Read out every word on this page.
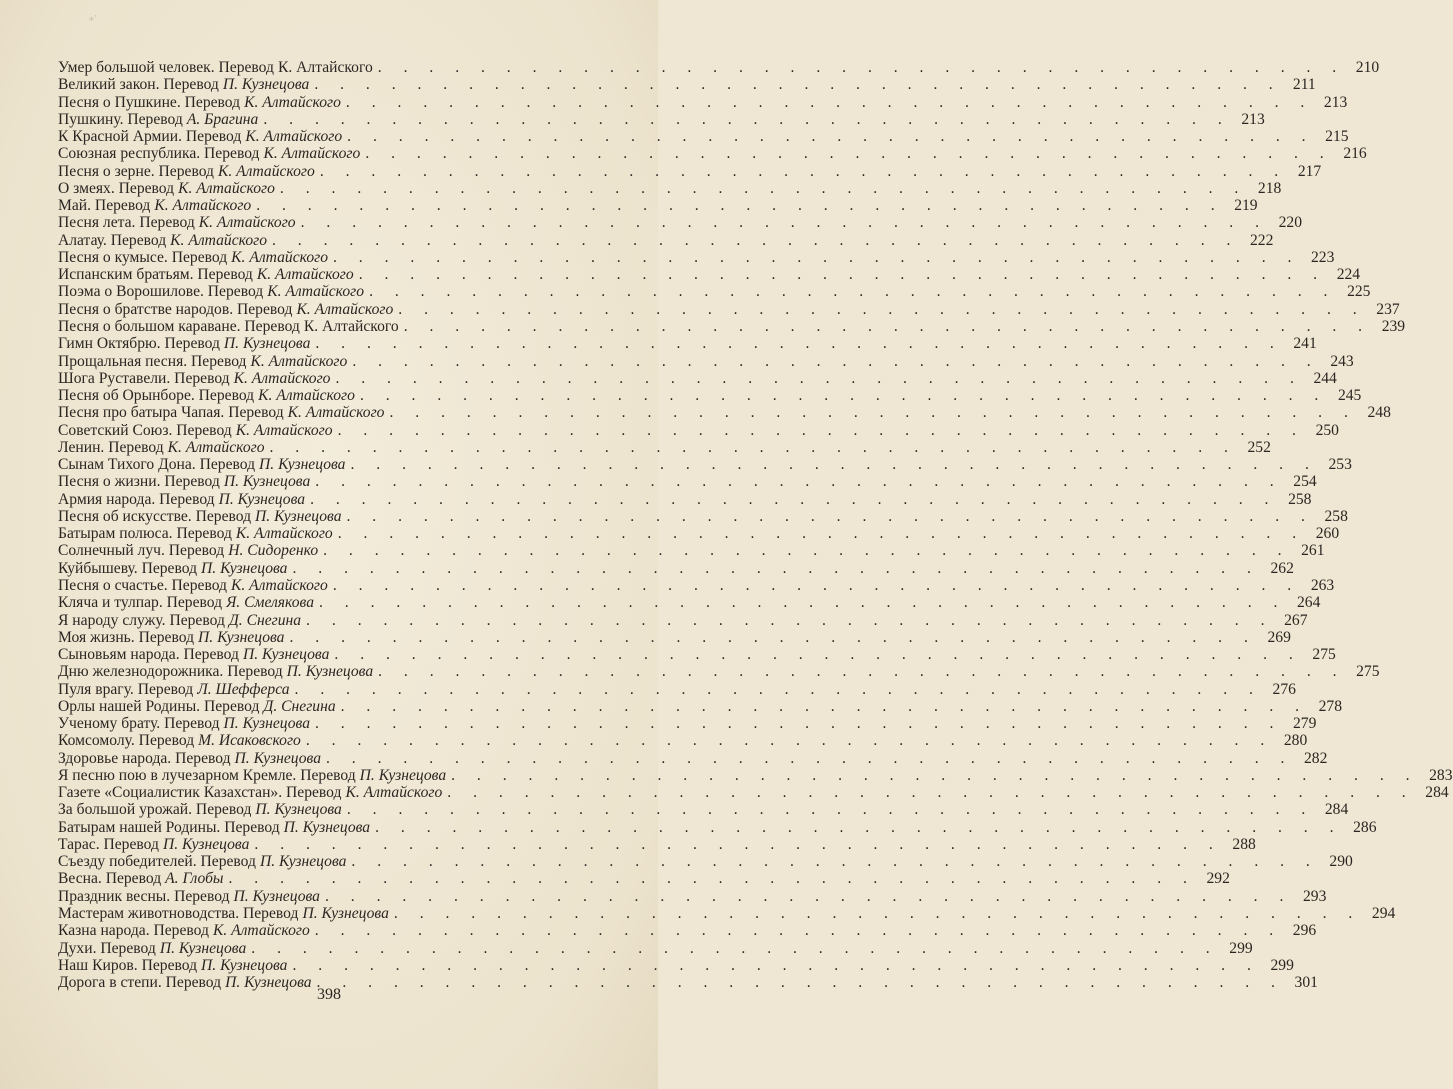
∗'
Умер большой человек. Перевод К. Алтайского . . . . . . . . . . . . . . . . . . . . . . . . . . . . . . . . . . . . . . 210
Великий закон. Перевод П. Кузнецова . . . . . . . . . . . . . . . . . . . . . . . . . . . . . . . . . . . . . . 211
Песня о Пушкине. Перевод К. Алтайского . . . . . . . . . . . . . . . . . . . . . . . . . . . . . . . . . . . . . . 213
Пушкину. Перевод А. Брагина . . . . . . . . . . . . . . . . . . . . . . . . . . . . . . . . . . . . . . 213
К Красной Армии. Перевод К. Алтайского . . . . . . . . . . . . . . . . . . . . . . . . . . . . . . . . . . . . . . 215
Союзная республика. Перевод К. Алтайского . . . . . . . . . . . . . . . . . . . . . . . . . . . . . . . . . . . . . . 216
Песня о зерне. Перевод К. Алтайского . . . . . . . . . . . . . . . . . . . . . . . . . . . . . . . . . . . . . . 217
О змеях. Перевод К. Алтайского . . . . . . . . . . . . . . . . . . . . . . . . . . . . . . . . . . . . . . 218
Май. Перевод К. Алтайского . . . . . . . . . . . . . . . . . . . . . . . . . . . . . . . . . . . . . . 219
Песня лета. Перевод К. Алтайского . . . . . . . . . . . . . . . . . . . . . . . . . . . . . . . . . . . . . . 220
Алатау. Перевод К. Алтайского . . . . . . . . . . . . . . . . . . . . . . . . . . . . . . . . . . . . . . 222
Песня о кумысе. Перевод К. Алтайского . . . . . . . . . . . . . . . . . . . . . . . . . . . . . . . . . . . . . . 223
Испанским братьям. Перевод К. Алтайского . . . . . . . . . . . . . . . . . . . . . . . . . . . . . . . . . . . . . . 224
Поэма о Ворошилове. Перевод К. Алтайского . . . . . . . . . . . . . . . . . . . . . . . . . . . . . . . . . . . . . . 225
Песня о братстве народов. Перевод К. Алтайского . . . . . . . . . . . . . . . . . . . . . . . . . . . . . . . . . . . . . . 237
Песня о большом караване. Перевод К. Алтайского . . . . . . . . . . . . . . . . . . . . . . . . . . . . . . . . . . . . . . 239
Гимн Октябрю. Перевод П. Кузнецова . . . . . . . . . . . . . . . . . . . . . . . . . . . . . . . . . . . . . . 241
Прощальная песня. Перевод К. Алтайского . . . . . . . . . . . . . . . . . . . . . . . . . . . . . . . . . . . . . . 243
Шога Руставели. Перевод К. Алтайского . . . . . . . . . . . . . . . . . . . . . . . . . . . . . . . . . . . . . . 244
Песня об Орынборе. Перевод К. Алтайского . . . . . . . . . . . . . . . . . . . . . . . . . . . . . . . . . . . . . . 245
Песня про батыра Чапая. Перевод К. Алтайского . . . . . . . . . . . . . . . . . . . . . . . . . . . . . . . . . . . . . . 248
Советский Союз. Перевод К. Алтайского . . . . . . . . . . . . . . . . . . . . . . . . . . . . . . . . . . . . . . 250
Ленин. Перевод К. Алтайского . . . . . . . . . . . . . . . . . . . . . . . . . . . . . . . . . . . . . . 252
Сынам Тихого Дона. Перевод П. Кузнецова . . . . . . . . . . . . . . . . . . . . . . . . . . . . . . . . . . . . . . 253
Песня о жизни. Перевод П. Кузнецова . . . . . . . . . . . . . . . . . . . . . . . . . . . . . . . . . . . . . . 254
Армия народа. Перевод П. Кузнецова . . . . . . . . . . . . . . . . . . . . . . . . . . . . . . . . . . . . . . 258
Песня об искусстве. Перевод П. Кузнецова . . . . . . . . . . . . . . . . . . . . . . . . . . . . . . . . . . . . . . 258
Батырам полюса. Перевод К. Алтайского . . . . . . . . . . . . . . . . . . . . . . . . . . . . . . . . . . . . . . 260
Солнечный луч. Перевод Н. Сидоренко . . . . . . . . . . . . . . . . . . . . . . . . . . . . . . . . . . . . . . 261
Куйбышеву. Перевод П. Кузнецова . . . . . . . . . . . . . . . . . . . . . . . . . . . . . . . . . . . . . . 262
Песня о счастье. Перевод К. Алтайского . . . . . . . . . . . . . . . . . . . . . . . . . . . . . . . . . . . . . . 263
Кляча и тулпар. Перевод Я. Смелякова . . . . . . . . . . . . . . . . . . . . . . . . . . . . . . . . . . . . . . 264
Я народу служу. Перевод Д. Снегина . . . . . . . . . . . . . . . . . . . . . . . . . . . . . . . . . . . . . . 267
Моя жизнь. Перевод П. Кузнецова . . . . . . . . . . . . . . . . . . . . . . . . . . . . . . . . . . . . . . 269
Сыновьям народа. Перевод П. Кузнецова . . . . . . . . . . . . . . . . . . . . . . . . . . . . . . . . . . . . . . 275
Дню железнодорожника. Перевод П. Кузнецова . . . . . . . . . . . . . . . . . . . . . . . . . . . . . . . . . . . . . . 275
Пуля врагу. Перевод Л. Шефферса . . . . . . . . . . . . . . . . . . . . . . . . . . . . . . . . . . . . . . 276
Орлы нашей Родины. Перевод Д. Снегина . . . . . . . . . . . . . . . . . . . . . . . . . . . . . . . . . . . . . . 278
Ученому брату. Перевод П. Кузнецова . . . . . . . . . . . . . . . . . . . . . . . . . . . . . . . . . . . . . . 279
Комсомолу. Перевод М. Исаковского . . . . . . . . . . . . . . . . . . . . . . . . . . . . . . . . . . . . . . 280
Здоровье народа. Перевод П. Кузнецова . . . . . . . . . . . . . . . . . . . . . . . . . . . . . . . . . . . . . . 282
Я песню пою в лучезарном Кремле. Перевод П. Кузнецова . . . . . . . . . . . . . . . . . . . . . . . . . . . . . . . . . . . . . . 283
Газете «Социалистик Казахстан». Перевод К. Алтайского . . . . . . . . . . . . . . . . . . . . . . . . . . . . . . . . . . . . . . 284
За большой урожай. Перевод П. Кузнецова . . . . . . . . . . . . . . . . . . . . . . . . . . . . . . . . . . . . . . 284
Батырам нашей Родины. Перевод П. Кузнецова . . . . . . . . . . . . . . . . . . . . . . . . . . . . . . . . . . . . . . 286
Тарас. Перевод П. Кузнецова . . . . . . . . . . . . . . . . . . . . . . . . . . . . . . . . . . . . . . 288
Съезду победителей. Перевод П. Кузнецова . . . . . . . . . . . . . . . . . . . . . . . . . . . . . . . . . . . . . . 290
Весна. Перевод А. Глобы . . . . . . . . . . . . . . . . . . . . . . . . . . . . . . . . . . . . . . 292
Праздник весны. Перевод П. Кузнецова . . . . . . . . . . . . . . . . . . . . . . . . . . . . . . . . . . . . . . 293
Мастерам животноводства. Перевод П. Кузнецова . . . . . . . . . . . . . . . . . . . . . . . . . . . . . . . . . . . . . . 294
Казна народа. Перевод К. Алтайского . . . . . . . . . . . . . . . . . . . . . . . . . . . . . . . . . . . . . . 296
Духи. Перевод П. Кузнецова . . . . . . . . . . . . . . . . . . . . . . . . . . . . . . . . . . . . . . 299
Наш Киров. Перевод П. Кузнецова . . . . . . . . . . . . . . . . . . . . . . . . . . . . . . . . . . . . . . 299
Дорога в степи. Перевод П. Кузнецова . . . . . . . . . . . . . . . . . . . . . . . . . . . . . . . . . . . . . . 301
398
